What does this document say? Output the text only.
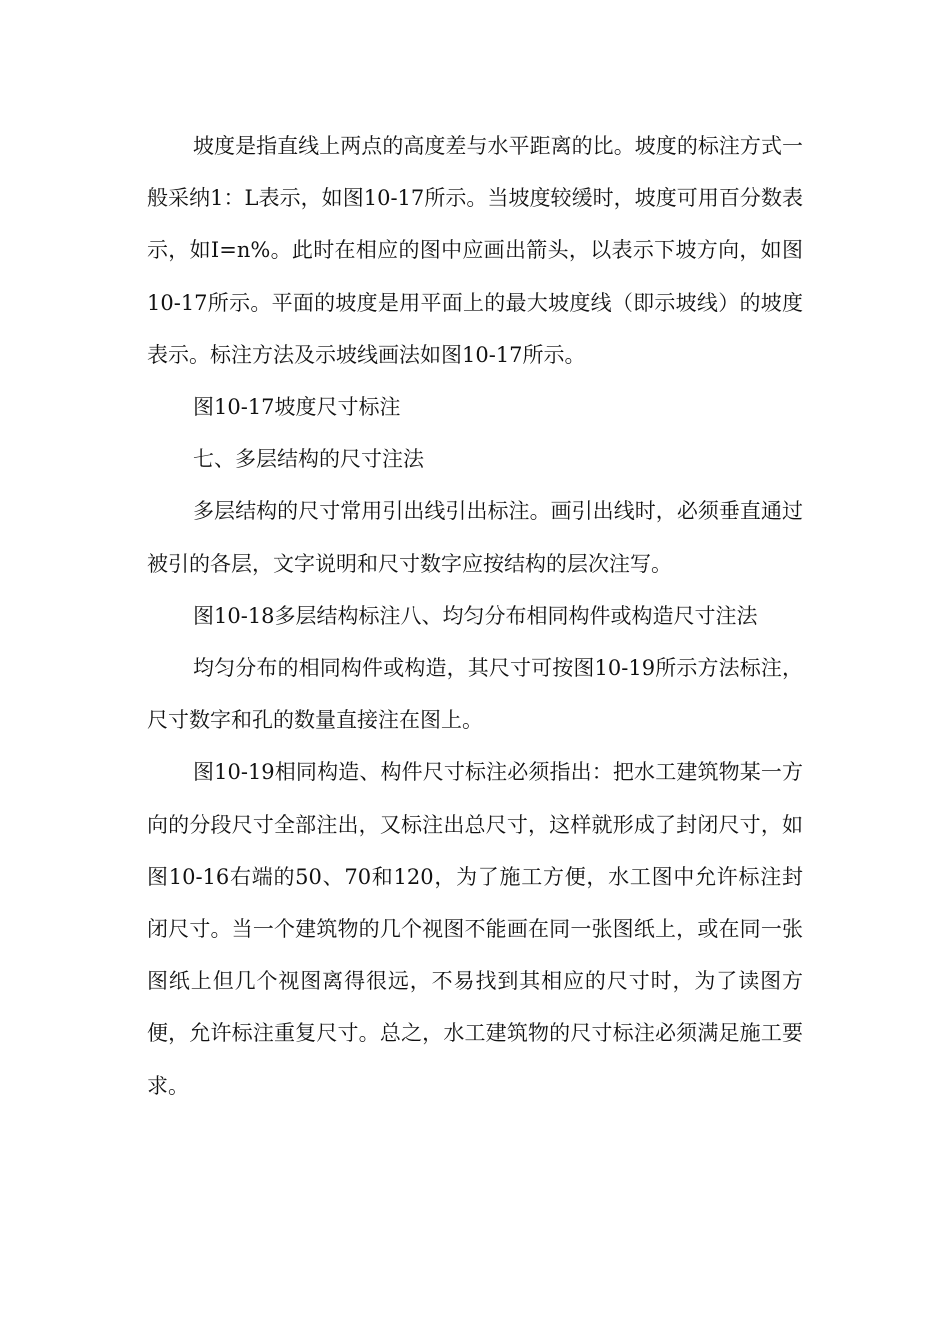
坡度是指直线上两点的高度差与水平距离的比。坡度的标注方式一般采纳1：L表示，如图10-17所示。当坡度较缓时，坡度可用百分数表示，如I=n%。此时在相应的图中应画出箭头，以表示下坡方向，如图10-17所示。平面的坡度是用平面上的最大坡度线（即示坡线）的坡度表示。标注方法及示坡线画法如图10-17所示。

图10-17坡度尺寸标注

七、多层结构的尺寸注法

多层结构的尺寸常用引出线引出标注。画引出线时，必须垂直通过被引的各层，文字说明和尺寸数字应按结构的层次注写。

图10-18多层结构标注八、均匀分布相同构件或构造尺寸注法

均匀分布的相同构件或构造，其尺寸可按图10-19所示方法标注，尺寸数字和孔的数量直接注在图上。

图10-19相同构造、构件尺寸标注必须指出：把水工建筑物某一方向的分段尺寸全部注出，又标注出总尺寸，这样就形成了封闭尺寸，如图10-16右端的50、70和120，为了施工方便，水工图中允许标注封闭尺寸。当一个建筑物的几个视图不能画在同一张图纸上，或在同一张图纸上但几个视图离得很远，不易找到其相应的尺寸时，为了读图方便，允许标注重复尺寸。总之，水工建筑物的尺寸标注必须满足施工要求。
